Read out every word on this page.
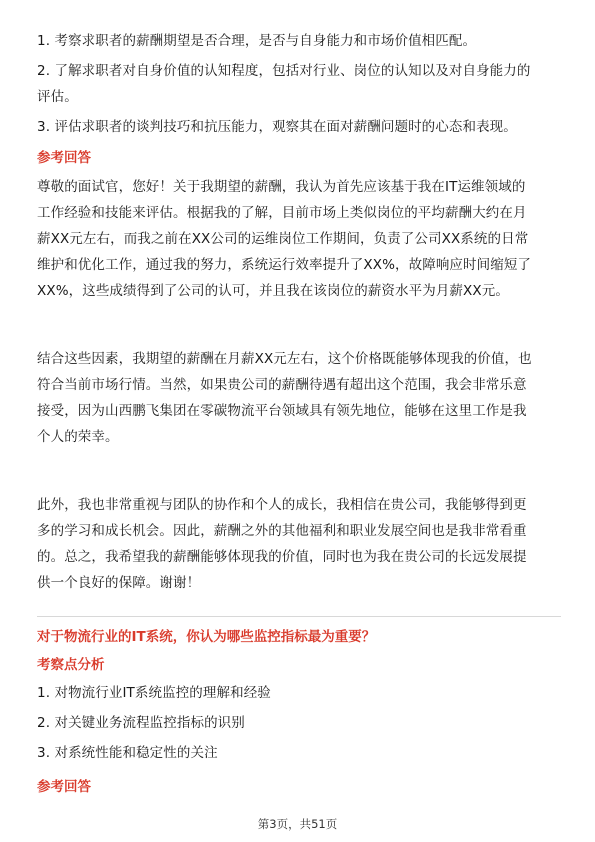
1. 考察求职者的薪酬期望是否合理，是否与自身能力和市场价值相匹配。
2. 了解求职者对自身价值的认知程度，包括对行业、岗位的认知以及对自身能力的
评估。
3. 评估求职者的谈判技巧和抗压能力，观察其在面对薪酬问题时的心态和表现。
参考回答
尊敬的面试官，您好！关于我期望的薪酬，我认为首先应该基于我在IT运维领域的
工作经验和技能来评估。根据我的了解，目前市场上类似岗位的平均薪酬大约在月
薪XX元左右，而我之前在XX公司的运维岗位工作期间，负责了公司XX系统的日常
维护和优化工作，通过我的努力，系统运行效率提升了XX%，故障响应时间缩短了
XX%，这些成绩得到了公司的认可，并且我在该岗位的薪资水平为月薪XX元。
结合这些因素，我期望的薪酬在月薪XX元左右，这个价格既能够体现我的价值，也
符合当前市场行情。当然，如果贵公司的薪酬待遇有超出这个范围，我会非常乐意
接受，因为山西鹏飞集团在零碳物流平台领域具有领先地位，能够在这里工作是我
个人的荣幸。
此外，我也非常重视与团队的协作和个人的成长，我相信在贵公司，我能够得到更
多的学习和成长机会。因此，薪酬之外的其他福利和职业发展空间也是我非常看重
的。总之，我希望我的薪酬能够体现我的价值，同时也为我在贵公司的长远发展提
供一个良好的保障。谢谢！
对于物流行业的IT系统，你认为哪些监控指标最为重要？
考察点分析
1. 对物流行业IT系统监控的理解和经验
2. 对关键业务流程监控指标的识别
3. 对系统性能和稳定性的关注
参考回答
第3页，共51页
